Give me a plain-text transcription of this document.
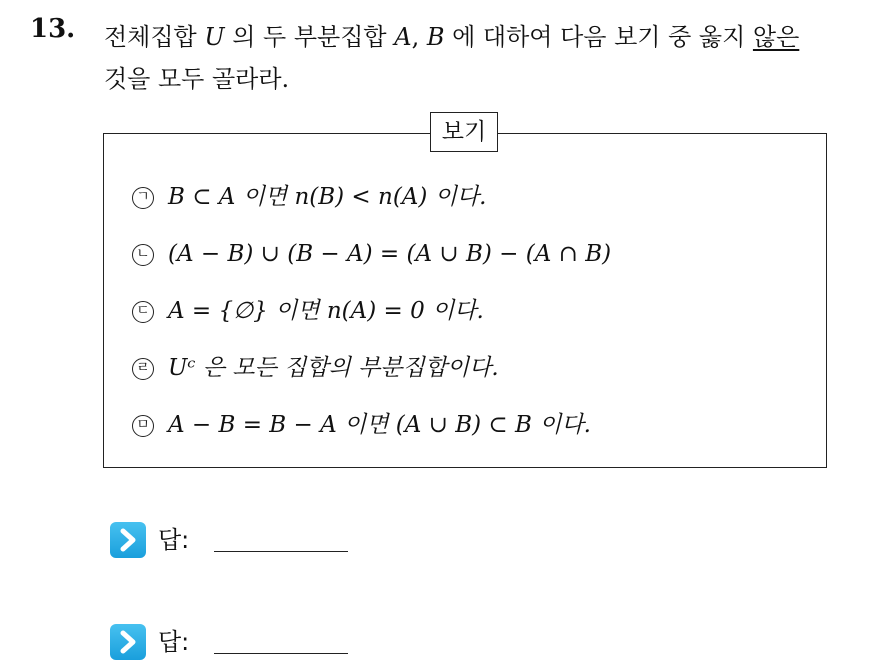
13. 전체집합 U 의 두 부분집합 A, B 에 대하여 다음 보기 중 옳지 않은
것을 모두 골라라.
보기
ㄱ B ⊂ A 이면 n(B) < n(A) 이다.
ㄴ (A − B) ∪ (B − A) = (A ∪ B) − (A ∩ B)
ㄷ A = {∅} 이면 n(A) = 0 이다.
ㄹ Uᶜ 은 모든 집합의 부분집합이다.
ㅁ A − B = B − A 이면 (A ∪ B) ⊂ B 이다.
답:
답:
